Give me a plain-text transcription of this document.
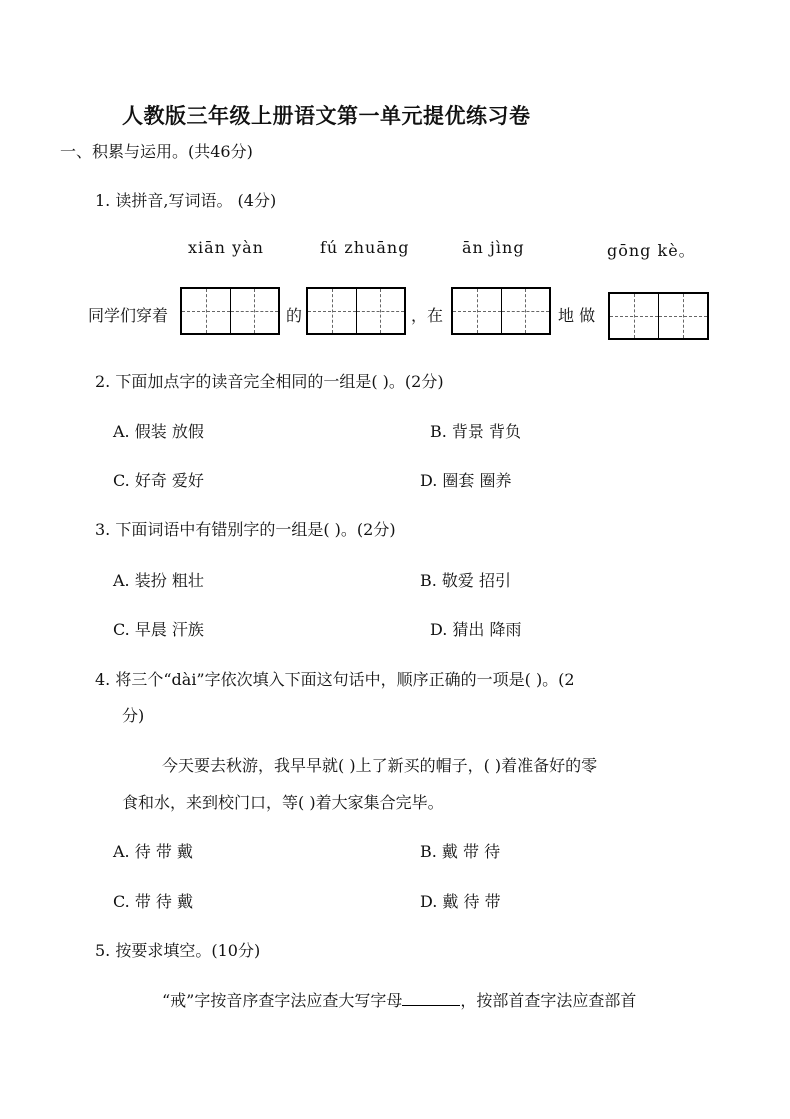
人教版三年级上册语文第一单元提优练习卷
一、积累与运用。(共46分)
1. 读拼音,写词语。 (4分)
xiān yàn	fú zhuāng	ān jìng	gōng kè。
同学们穿着	的	，在	地 做
2. 下面加点字的读音完全相同的一组是( )。(2分)
A. 假装 放假	B. 背景 背负
C. 好奇 爱好	D. 圈套 圈养
3. 下面词语中有错别字的一组是( )。(2分)
A. 装扮 粗壮	B. 敬爱 招引
C. 早晨 汗族	D. 猜出 降雨
4. 将三个“dài”字依次填入下面这句话中，顺序正确的一项是( )。(2
分)
今天要去秋游，我早早就( )上了新买的帽子，( )着准备好的零
食和水，来到校门口，等( )着大家集合完毕。
A. 待 带 戴	B. 戴 带 待
C. 带 待 戴	D. 戴 待 带
5. 按要求填空。(10分)
“戒”字按音序查字法应查大写字母	，按部首查字法应查部首
